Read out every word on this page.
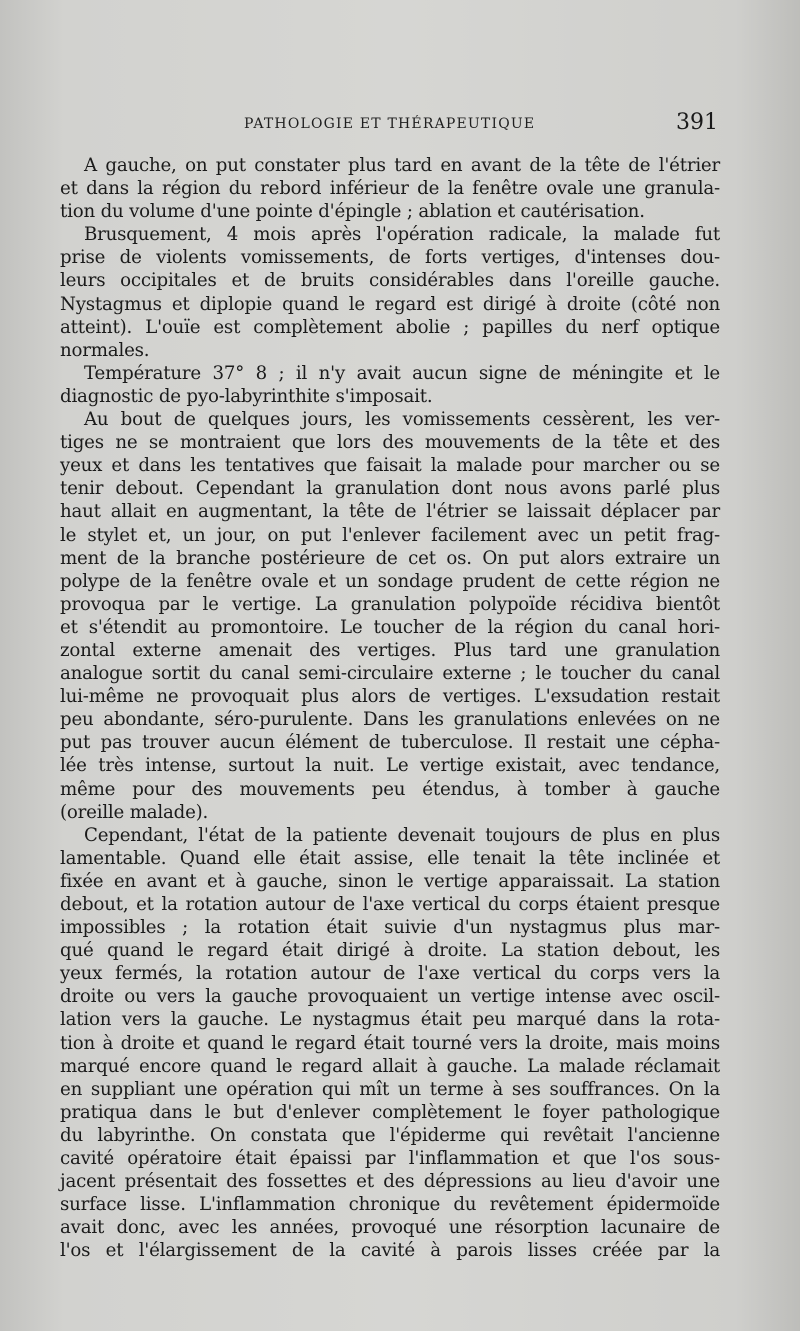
PATHOLOGIE ET THÉRAPEUTIQUE	391
A gauche, on put constater plus tard en avant de la tête de l'étrier
et dans la région du rebord inférieur de la fenêtre ovale une granula-
tion du volume d'une pointe d'épingle ; ablation et cautérisation.
Brusquement, 4 mois après l'opération radicale, la malade fut
prise de violents vomissements, de forts vertiges, d'intenses dou-
leurs occipitales et de bruits considérables dans l'oreille gauche.
Nystagmus et diplopie quand le regard est dirigé à droite (côté non
atteint). L'ouïe est complètement abolie ; papilles du nerf optique
normales.
Température 37° 8 ; il n'y avait aucun signe de méningite et le
diagnostic de pyo-labyrinthite s'imposait.
Au bout de quelques jours, les vomissements cessèrent, les ver-
tiges ne se montraient que lors des mouvements de la tête et des
yeux et dans les tentatives que faisait la malade pour marcher ou se
tenir debout. Cependant la granulation dont nous avons parlé plus
haut allait en augmentant, la tête de l'étrier se laissait déplacer par
le stylet et, un jour, on put l'enlever facilement avec un petit frag-
ment de la branche postérieure de cet os. On put alors extraire un
polype de la fenêtre ovale et un sondage prudent de cette région ne
provoqua par le vertige. La granulation polypoïde récidiva bientôt
et s'étendit au promontoire. Le toucher de la région du canal hori-
zontal externe amenait des vertiges. Plus tard une granulation
analogue sortit du canal semi-circulaire externe ; le toucher du canal
lui-même ne provoquait plus alors de vertiges. L'exsudation restait
peu abondante, séro-purulente. Dans les granulations enlevées on ne
put pas trouver aucun élément de tuberculose. Il restait une cépha-
lée très intense, surtout la nuit. Le vertige existait, avec tendance,
même pour des mouvements peu étendus, à tomber à gauche
(oreille malade).
Cependant, l'état de la patiente devenait toujours de plus en plus
lamentable. Quand elle était assise, elle tenait la tête inclinée et
fixée en avant et à gauche, sinon le vertige apparaissait. La station
debout, et la rotation autour de l'axe vertical du corps étaient presque
impossibles ; la rotation était suivie d'un nystagmus plus mar-
qué quand le regard était dirigé à droite. La station debout, les
yeux fermés, la rotation autour de l'axe vertical du corps vers la
droite ou vers la gauche provoquaient un vertige intense avec oscil-
lation vers la gauche. Le nystagmus était peu marqué dans la rota-
tion à droite et quand le regard était tourné vers la droite, mais moins
marqué encore quand le regard allait à gauche. La malade réclamait
en suppliant une opération qui mît un terme à ses souffrances. On la
pratiqua dans le but d'enlever complètement le foyer pathologique
du labyrinthe. On constata que l'épiderme qui revêtait l'ancienne
cavité opératoire était épaissi par l'inflammation et que l'os sous-
jacent présentait des fossettes et des dépressions au lieu d'avoir une
surface lisse. L'inflammation chronique du revêtement épidermoïde
avait donc, avec les années, provoqué une résorption lacunaire de
l'os et l'élargissement de la cavité à parois lisses créée par la
